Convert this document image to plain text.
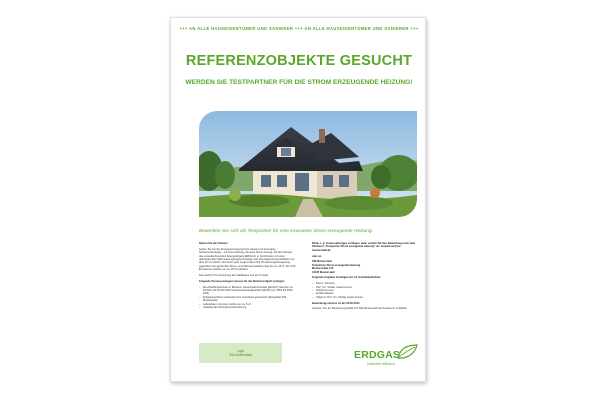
+++ AN ALLE HAUSEIGENTÜMER UND SANIERER +++ AN ALLE HAUSEIGENTÜMER UND SANIERER +++
REFERENZOBJEKTE GESUCHT
WERDEN SIE TESTPARTNER FÜR DIE STROM ERZEUGENDE HEIZUNG!
Bewerben Sie sich als Testpartner für eine innovative Strom erzeugende Heizung.

Nutzen Sie die Chance!

Setzen Sie bei der Energieversorgung Ihres Hauses auf innovative Spitzentechnologie – mit einer Heizung, die auch Strom erzeugt. Mit dem Einsatz des umweltschonenden Energieträgers ERDGAS, in Kombination mit einer platzsparenden Wärmeerzeugungstechnologie wird eine Eigenstromproduktion von über 10 % erreicht. Der Strom geht ergänzt dazu! Die Primärenergieeinsparung gegenüber der getrennten Strom- und Wärmeproduktion liegt bei ca. 15 %, die CO2-Emissionen werden um ca. 25 % reduziert.

Das Geld für Ihr Umsetzung der Stadtkasse und der Umwelt.

Folgende Voraussetzungen müssen für das Referenzobjekt vorliegen:

– Ein-/Zweifamilienhaus in Bestand, Gesamtwärmebedarf (jährlich) zwischen ca. 20.000 und 30.000 kWh (Gebrauchsenergiebedarf (jährlich) ca. 3000 bis 4000 kWh)
– Erdgasanschluss vorhanden bzw. Anschluss gewünscht (Netzgebiet SW-Musterstadt)
– Aufstellraum mit einer Größe von ca. 8 m²
– Anstehende Heizungsmodernisierung

Wenn o. g. Voraussetzungen vorliegen, dann senden Sie Ihre Bewerbung unter dem Stichwort „Testpartner Strom erzeugende Heizung“ an: testpartner@sw-musterstadt.de

oder an

SW-Musterstadt
Testpartner Strom erzeugende Heizung
Musterstraße 123
12345 Musterstadt

Folgende Angaben benötigen wir zur Kontaktaufnahme:

– Name, Vorname
– PLZ, Ort, Straße, Hausnummer
– Telefonnummer
– E-Mail-Adresse
– Objekt in PLZ, Ort, Straße, Hausnummer

Bewerbungsschluss ist der 00.00.2010

Hinweis: Von der Bewerbung behält sich SW-Musterstadt auf Kontenvor- et Rabatt.

Logo
SW-Musterstadt	ERDGAS
Natürlich effizient
